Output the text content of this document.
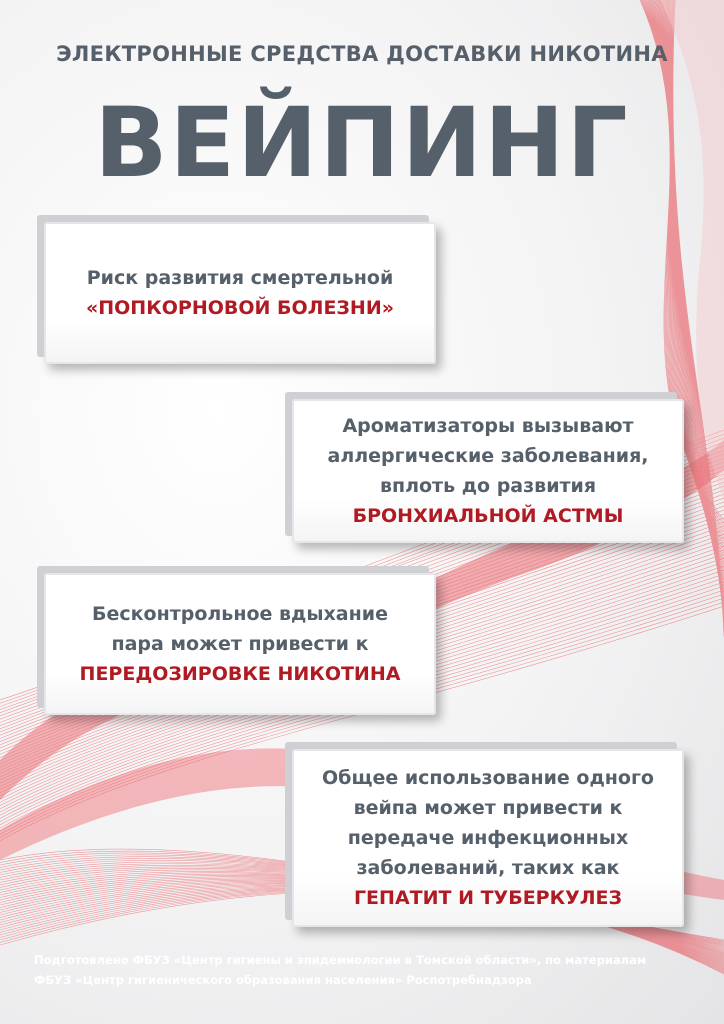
ЭЛЕКТРОННЫЕ СРЕДСТВА ДОСТАВКИ НИКОТИНА
ВЕЙПИНГ
Риск развития смертельной
«ПОПКОРНОВОЙ БОЛЕЗНИ»
Ароматизаторы вызывают
аллергические заболевания,
вплоть до развития
БРОНХИАЛЬНОЙ АСТМЫ
Бесконтрольное вдыхание
пара может привести к
ПЕРЕДОЗИРОВКЕ НИКОТИНА
Общее использование одного
вейпа может привести к
передаче инфекционных
заболеваний, таких как
ГЕПАТИТ И ТУБЕРКУЛЕЗ
Подготовлено ФБУЗ «Центр гигиены и эпидемиологии в Томской области», по материалам
ФБУЗ «Центр гигиенического образования населения» Роспотребнадзора
